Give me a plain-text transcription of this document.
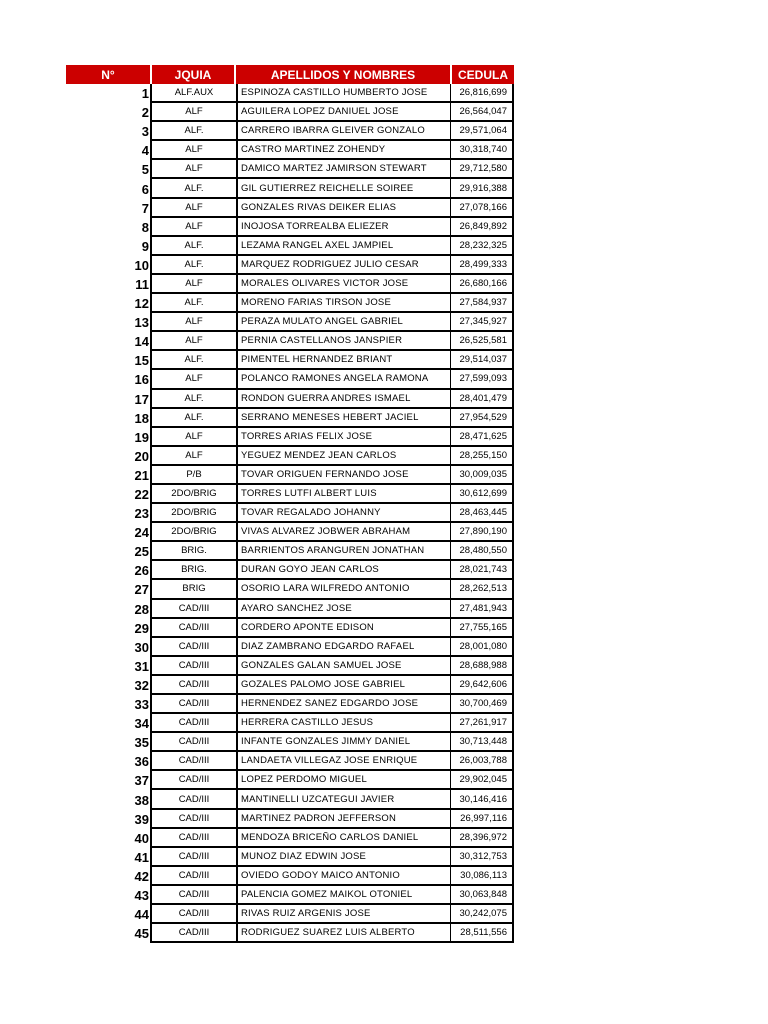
N°	JQUIA	APELLIDOS Y NOMBRES	CEDULA
1	ALF.AUX	ESPINOZA CASTILLO HUMBERTO JOSE	26,816,699
2	ALF	AGUILERA LOPEZ DANIUEL JOSE	26,564,047
3	ALF.	CARRERO IBARRA GLEIVER GONZALO	29,571,064
4	ALF	CASTRO MARTINEZ ZOHENDY	30,318,740
5	ALF	DAMICO MARTEZ JAMIRSON STEWART	29,712,580
6	ALF.	GIL GUTIERREZ REICHELLE SOIREE	29,916,388
7	ALF	GONZALES RIVAS DEIKER ELIAS	27,078,166
8	ALF	INOJOSA TORREALBA ELIEZER	26,849,892
9	ALF.	LEZAMA RANGEL AXEL JAMPIEL	28,232,325
10	ALF.	MARQUEZ RODRIGUEZ JULIO CESAR	28,499,333
11	ALF	MORALES OLIVARES VICTOR JOSE	26,680,166
12	ALF.	MORENO FARIAS TIRSON JOSE	27,584,937
13	ALF	PERAZA MULATO ANGEL GABRIEL	27,345,927
14	ALF	PERNIA CASTELLANOS JANSPIER	26,525,581
15	ALF.	PIMENTEL HERNANDEZ BRIANT	29,514,037
16	ALF	POLANCO RAMONES ANGELA RAMONA	27,599,093
17	ALF.	RONDON GUERRA ANDRES ISMAEL	28,401,479
18	ALF.	SERRANO MENESES HEBERT JACIEL	27,954,529
19	ALF	TORRES ARIAS FELIX JOSE	28,471,625
20	ALF	YEGUEZ MENDEZ JEAN CARLOS	28,255,150
21	P/B	TOVAR ORIGUEN FERNANDO JOSE	30,009,035
22	2DO/BRIG	TORRES LUTFI ALBERT LUIS	30,612,699
23	2DO/BRIG	TOVAR REGALADO JOHANNY	28,463,445
24	2DO/BRIG	VIVAS ALVAREZ JOBWER ABRAHAM	27,890,190
25	BRIG.	BARRIENTOS ARANGUREN JONATHAN	28,480,550
26	BRIG.	DURAN GOYO JEAN CARLOS	28,021,743
27	BRIG	OSORIO LARA WILFREDO ANTONIO	28,262,513
28	CAD/III	AYARO SANCHEZ JOSE	27,481,943
29	CAD/III	CORDERO APONTE EDISON	27,755,165
30	CAD/III	DIAZ ZAMBRANO EDGARDO RAFAEL	28,001,080
31	CAD/III	GONZALES GALAN SAMUEL JOSE	28,688,988
32	CAD/III	GOZALES PALOMO JOSE GABRIEL	29,642,606
33	CAD/III	HERNENDEZ SANEZ EDGARDO JOSE	30,700,469
34	CAD/III	HERRERA CASTILLO JESUS	27,261,917
35	CAD/III	INFANTE GONZALES JIMMY DANIEL	30,713,448
36	CAD/III	LANDAETA VILLEGAZ JOSE ENRIQUE	26,003,788
37	CAD/III	LOPEZ PERDOMO MIGUEL	29,902,045
38	CAD/III	MANTINELLI UZCATEGUI JAVIER	30,146,416
39	CAD/III	MARTINEZ PADRON JEFFERSON	26,997,116
40	CAD/III	MENDOZA BRICEÑO CARLOS DANIEL	28,396,972
41	CAD/III	MUNOZ DIAZ EDWIN JOSE	30,312,753
42	CAD/III	OVIEDO GODOY MAICO ANTONIO	30,086,113
43	CAD/III	PALENCIA GOMEZ MAIKOL OTONIEL	30,063,848
44	CAD/III	RIVAS RUIZ ARGENIS JOSE	30,242,075
45	CAD/III	RODRIGUEZ SUAREZ LUIS ALBERTO	28,511,556
